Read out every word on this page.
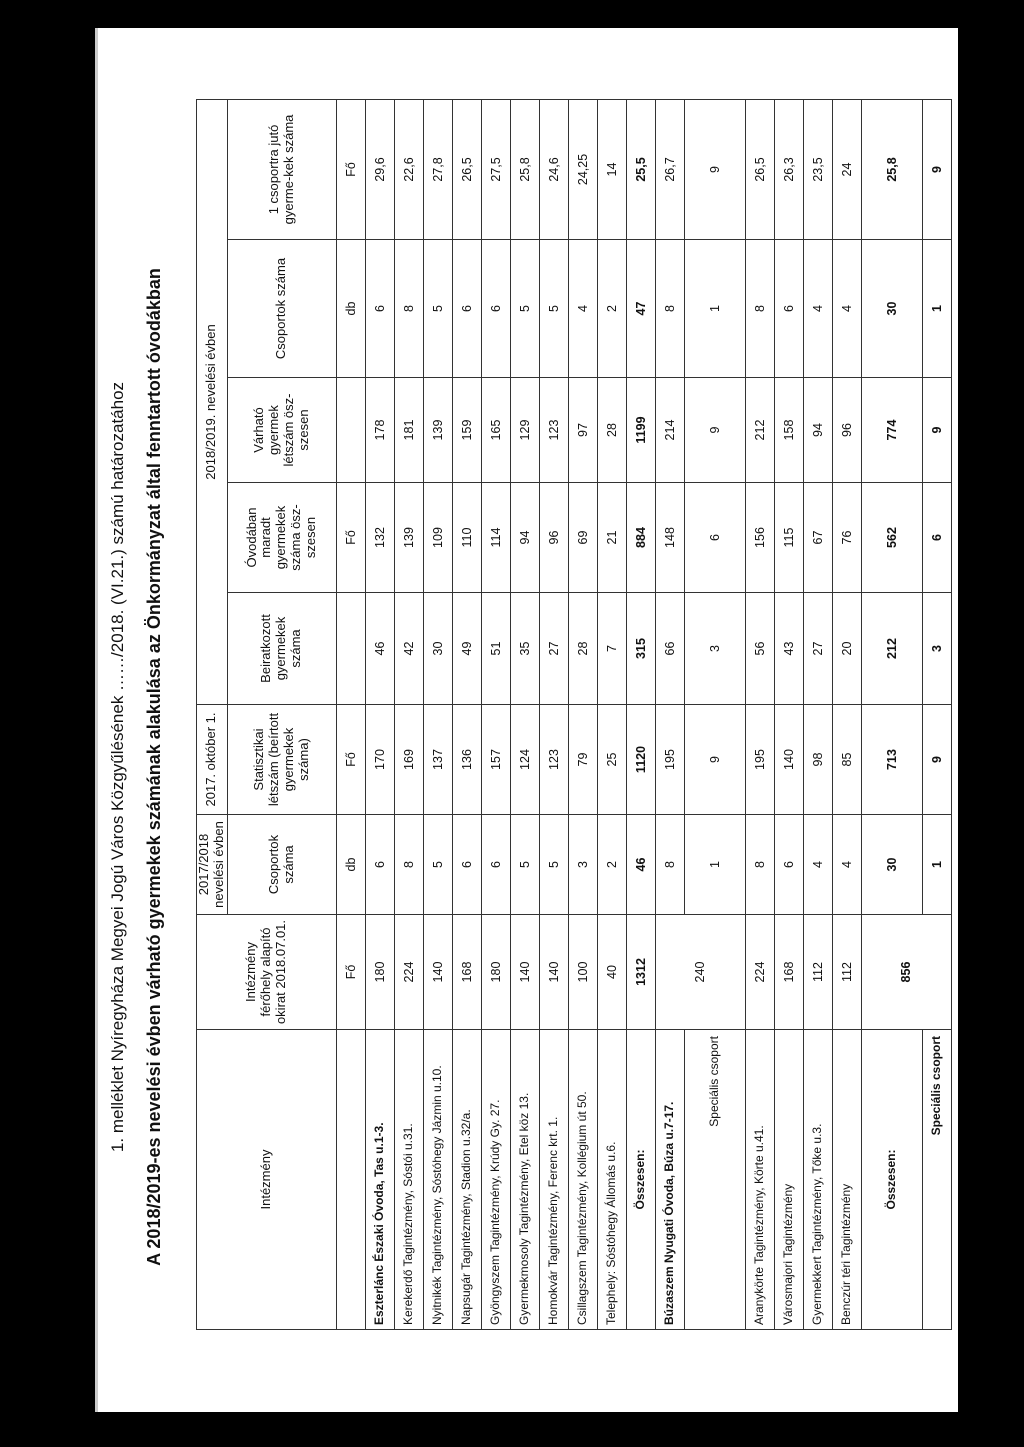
1. melléklet Nyíregyháza Megyei Jogú Város Közgyűlésének ……/2018. (VI.21.) számú határozatához A 2018/2019-es nevelési évben várható gyermekek számának alakulása az Önkormányzat által fenntartott óvodákban	Intézmény	Intézmény férőhely alapító okirat 2018.07.01.	2017/2018 nevelési évben	2017. október 1.	2018/2019. nevelési évben				
		Csoportok száma	Statisztikai létszám (beírtott gyermekek száma)	Beiratkozott gyermekek száma	Óvodában maradt gyermekek száma ösz-szesen	Várható gyermek létszám ösz-szesen	Csoportok száma	1 csoportra jutó gyerme-kek száma
	Fő	db	Fő		Fő		db	Fő
Eszterlánc Északi Óvoda, Tas u.1-3.	180	6	170	46	132	178	6	29,6
Kerekerdő Tagintézmény, Sóstói u.31.	224	8	169	42	139	181	8	22,6
Nyitnikék Tagintézmény, Sóstóhegy Jázmin u.10.	140	5	137	30	109	139	5	27,8
Napsugár Tagintézmény, Stadion u.32/a.	168	6	136	49	110	159	6	26,5
Gyöngyszem Tagintézmény, Krúdy Gy. 27.	180	6	157	51	114	165	6	27,5
Gyermekmosoly Tagintézmény, Etel köz 13.	140	5	124	35	94	129	5	25,8
Homokvár Tagintézmény, Ferenc krt. 1.	140	5	123	27	96	123	5	24,6
Csillagszem Tagintézmény, Kollégium út 50.	100	3	79	28	69	97	4	24,25
Telephely: Sóstóhegy Állomás u.6.	40	2	25	7	21	28	2	14
Összesen:	1312	46	1120	315	884	1199	47	25,5
Búzaszem Nyugati Óvoda, Búza u.7-17.	240	8	195	66	148	214	8	26,7
Speciális csoport		1	9	3	6	9	1	9
Aranykörte Tagintézmény, Körte u.41.	224	8	195	56	156	212	8	26,5
Városmajori Tagintézmény	168	6	140	43	115	158	6	26,3
Gyermekkert Tagintézmény, Tőke u.3.	112	4	98	27	67	94	4	23,5
Benczúr téri Tagintézmény	112	4	85	20	76	96	4	24
Összesen:	856	30	713	212	562	774	30	25,8
Speciális csoport		1	9	3	6	9	1	9
